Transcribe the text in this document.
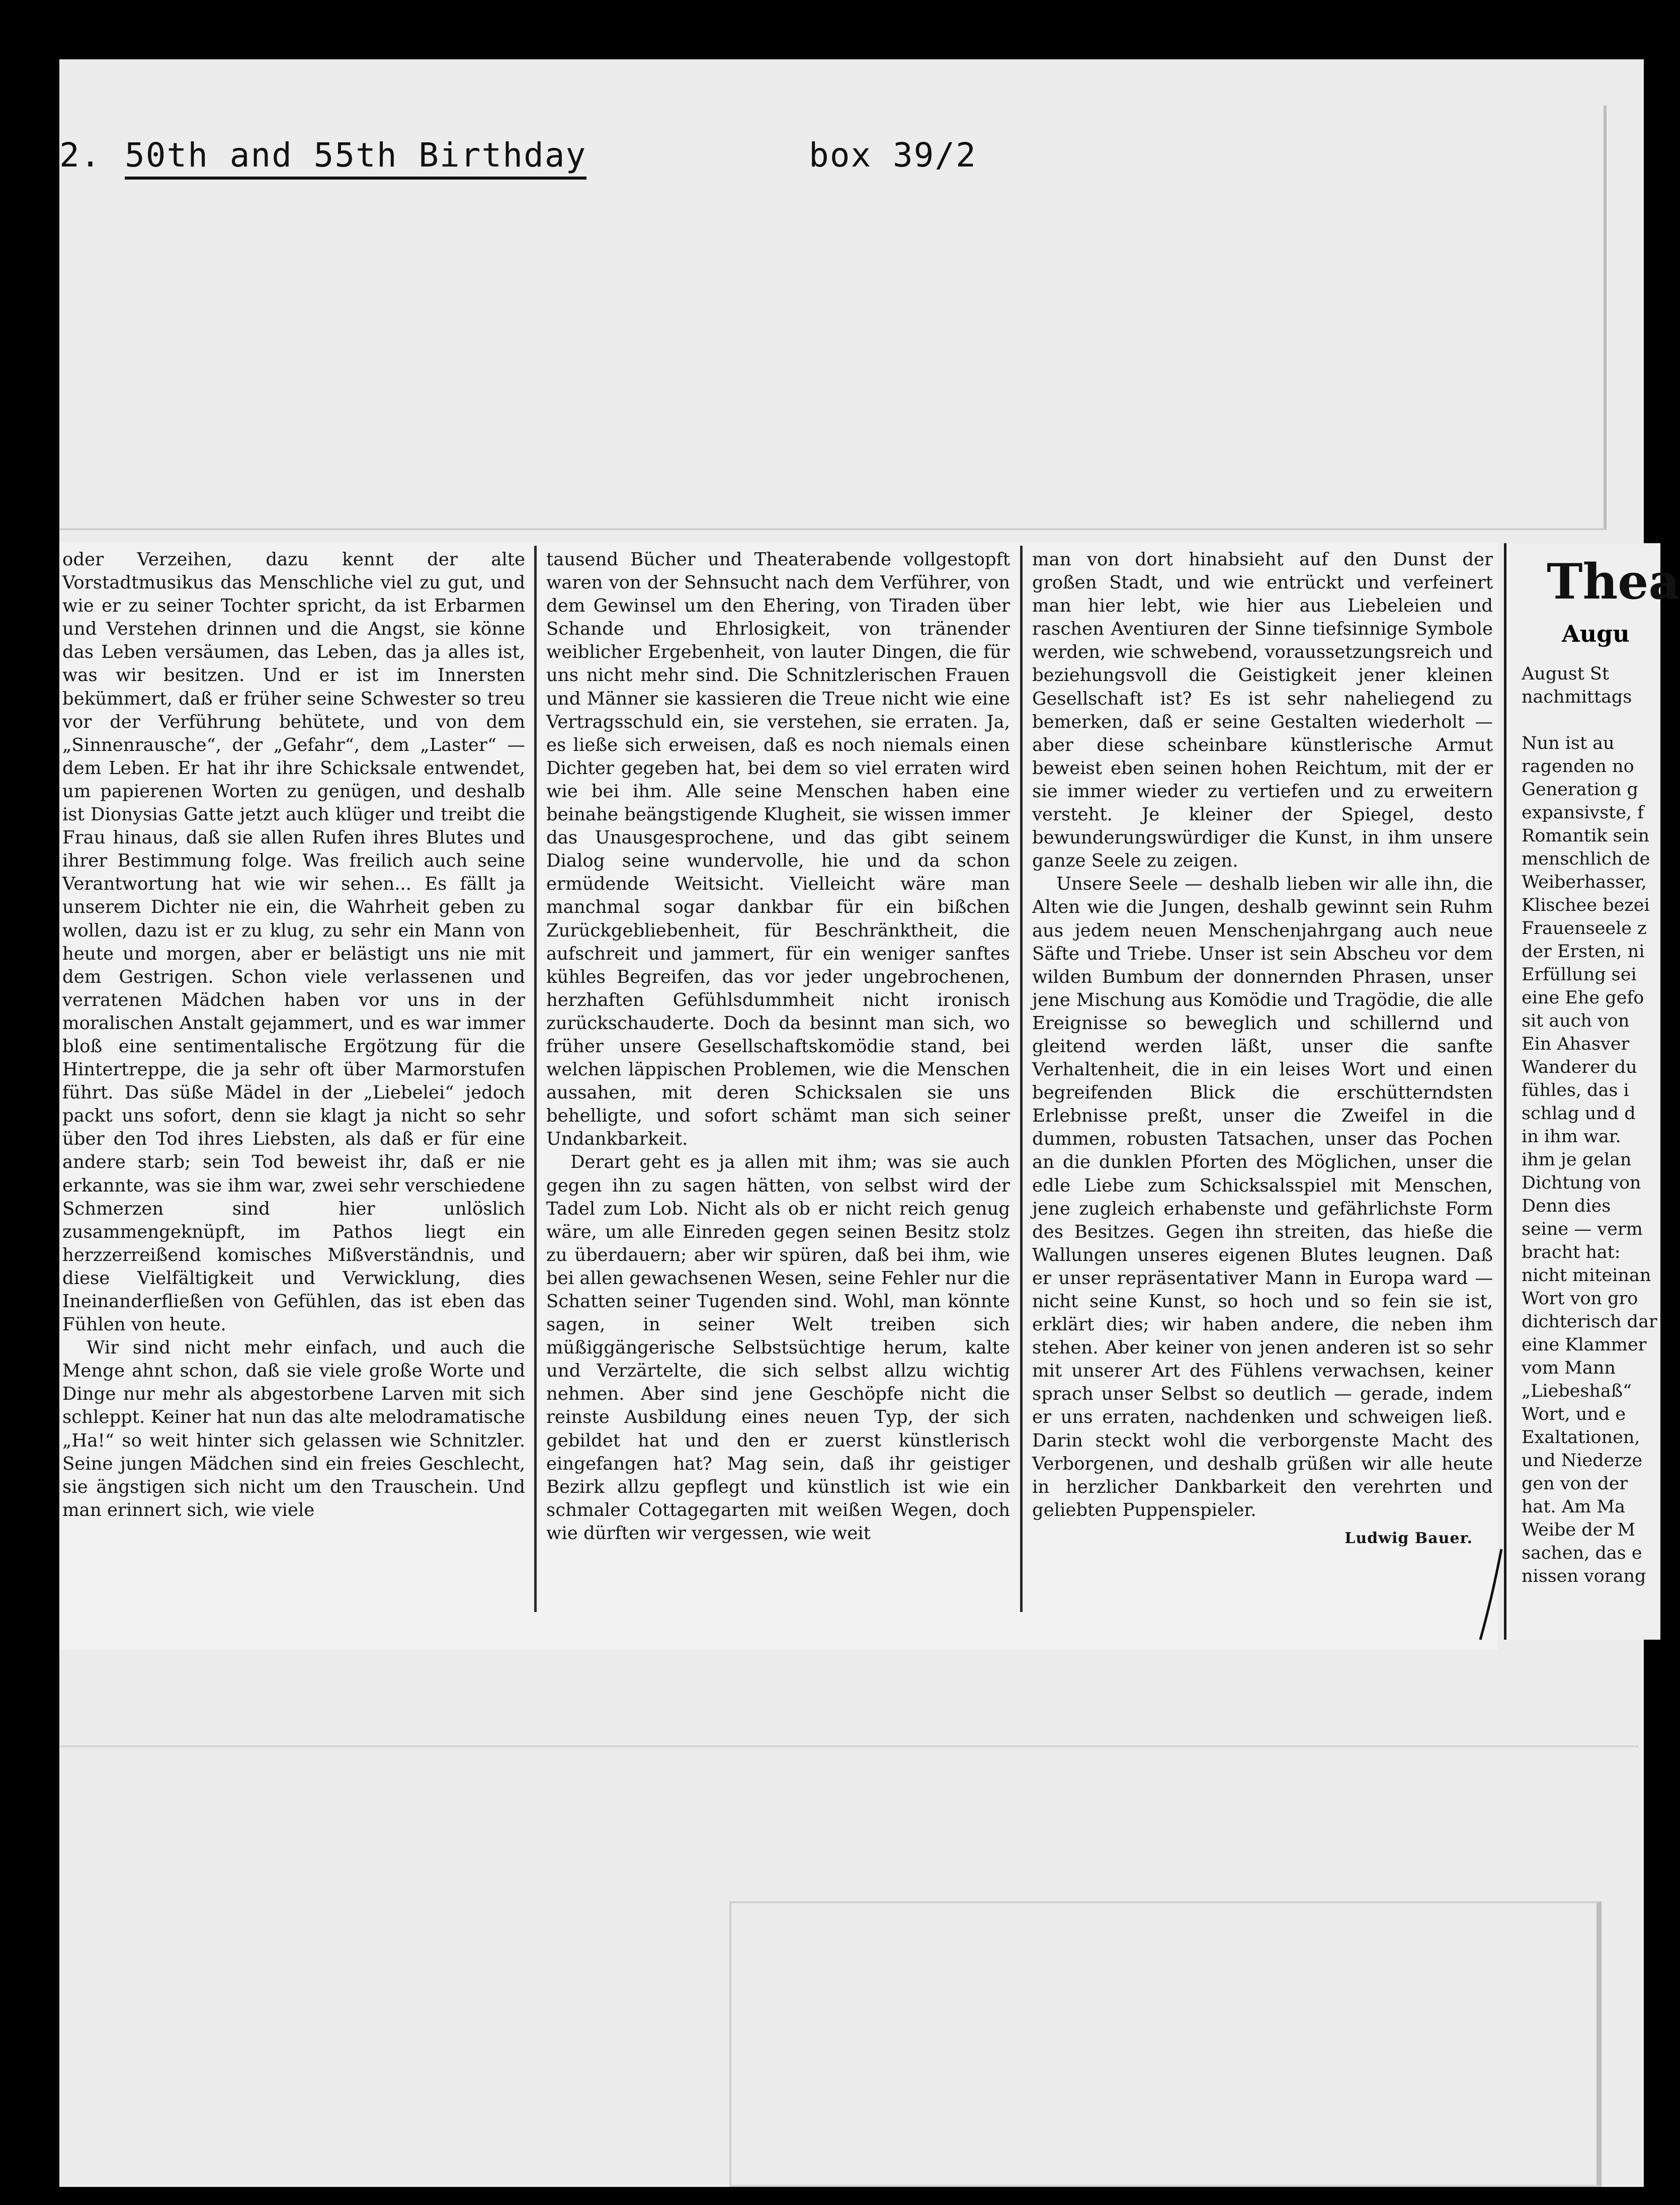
2. 50th and 55th Birthday	box 39/2

oder Verzeihen, dazu kennt der alte Vorstadtmusikus das Menschliche viel zu gut, und wie er zu seiner Tochter spricht, da ist Erbarmen und Verstehen drinnen und die Angst, sie könne das Leben versäumen, das Leben, das ja alles ist, was wir besitzen. Und er ist im Innersten bekümmert, daß er früher seine Schwester so treu vor der Verführung behütete, und von dem „Sinnenrausche“, der „Gefahr“, dem „Laster“ — dem Leben. Er hat ihr ihre Schicksale entwendet, um papierenen Worten zu genügen, und deshalb ist Dionysias Gatte jetzt auch klüger und treibt die Frau hinaus, daß sie allen Rufen ihres Blutes und ihrer Bestimmung folge. Was freilich auch seine Verantwortung hat wie wir sehen... Es fällt ja unserem Dichter nie ein, die Wahrheit geben zu wollen, dazu ist er zu klug, zu sehr ein Mann von heute und morgen, aber er belästigt uns nie mit dem Gestrigen. Schon viele verlassenen und verratenen Mädchen haben vor uns in der moralischen Anstalt gejammert, und es war immer bloß eine sentimentalische Ergötzung für die Hintertreppe, die ja sehr oft über Marmorstufen führt. Das süße Mädel in der „Liebelei“ jedoch packt uns sofort, denn sie klagt ja nicht so sehr über den Tod ihres Liebsten, als daß er für eine andere starb; sein Tod beweist ihr, daß er nie erkannte, was sie ihm war, zwei sehr verschiedene Schmerzen sind hier unlöslich zusammengeknüpft, im Pathos liegt ein herzzerreißend komisches Mißverständnis, und diese Vielfältigkeit und Verwicklung, dies Ineinanderfließen von Gefühlen, das ist eben das Fühlen von heute.

Wir sind nicht mehr einfach, und auch die Menge ahnt schon, daß sie viele große Worte und Dinge nur mehr als abgestorbene Larven mit sich schleppt. Keiner hat nun das alte melodramatische „Ha!“ so weit hinter sich gelassen wie Schnitzler. Seine jungen Mädchen sind ein freies Geschlecht, sie ängstigen sich nicht um den Trauschein. Und man erinnert sich, wie viele

tausend Bücher und Theaterabende vollgestopft waren von der Sehnsucht nach dem Verführer, von dem Gewinsel um den Ehering, von Tiraden über Schande und Ehrlosigkeit, von tränender weiblicher Ergebenheit, von lauter Dingen, die für uns nicht mehr sind. Die Schnitzlerischen Frauen und Männer sie kassieren die Treue nicht wie eine Vertragsschuld ein, sie verstehen, sie erraten. Ja, es ließe sich erweisen, daß es noch niemals einen Dichter gegeben hat, bei dem so viel erraten wird wie bei ihm. Alle seine Menschen haben eine beinahe beängstigende Klugheit, sie wissen immer das Unausgesprochene, und das gibt seinem Dialog seine wundervolle, hie und da schon ermüdende Weitsicht. Vielleicht wäre man manchmal sogar dankbar für ein bißchen Zurückgebliebenheit, für Beschränktheit, die aufschreit und jammert, für ein weniger sanftes kühles Begreifen, das vor jeder ungebrochenen, herzhaften Gefühlsdummheit nicht ironisch zurückschauderte. Doch da besinnt man sich, wo früher unsere Gesellschaftskomödie stand, bei welchen läppischen Problemen, wie die Menschen aussahen, mit deren Schicksalen sie uns behelligte, und sofort schämt man sich seiner Undankbarkeit.

Derart geht es ja allen mit ihm; was sie auch gegen ihn zu sagen hätten, von selbst wird der Tadel zum Lob. Nicht als ob er nicht reich genug wäre, um alle Einreden gegen seinen Besitz stolz zu überdauern; aber wir spüren, daß bei ihm, wie bei allen gewachsenen Wesen, seine Fehler nur die Schatten seiner Tugenden sind. Wohl, man könnte sagen, in seiner Welt treiben sich müßiggängerische Selbstsüchtige herum, kalte und Verzärtelte, die sich selbst allzu wichtig nehmen. Aber sind jene Geschöpfe nicht die reinste Ausbildung eines neuen Typ, der sich gebildet hat und den er zuerst künstlerisch eingefangen hat? Mag sein, daß ihr geistiger Bezirk allzu gepflegt und künstlich ist wie ein schmaler Cottagegarten mit weißen Wegen, doch wie dürften wir vergessen, wie weit

man von dort hinabsieht auf den Dunst der großen Stadt, und wie entrückt und verfeinert man hier lebt, wie hier aus Liebeleien und raschen Aventiuren der Sinne tiefsinnige Symbole werden, wie schwebend, voraussetzungsreich und beziehungsvoll die Geistigkeit jener kleinen Gesellschaft ist? Es ist sehr naheliegend zu bemerken, daß er seine Gestalten wiederholt — aber diese scheinbare künstlerische Armut beweist eben seinen hohen Reichtum, mit der er sie immer wieder zu vertiefen und zu erweitern versteht. Je kleiner der Spiegel, desto bewunderungswürdiger die Kunst, in ihm unsere ganze Seele zu zeigen.

Unsere Seele — deshalb lieben wir alle ihn, die Alten wie die Jungen, deshalb gewinnt sein Ruhm aus jedem neuen Menschenjahrgang auch neue Säfte und Triebe. Unser ist sein Abscheu vor dem wilden Bumbum der donnernden Phrasen, unser jene Mischung aus Komödie und Tragödie, die alle Ereignisse so beweglich und schillernd und gleitend werden läßt, unser die sanfte Verhaltenheit, die in ein leises Wort und einen begreifenden Blick die erschütterndsten Erlebnisse preßt, unser die Zweifel in die dummen, robusten Tatsachen, unser das Pochen an die dunklen Pforten des Möglichen, unser die edle Liebe zum Schicksalsspiel mit Menschen, jene zugleich erhabenste und gefährlichste Form des Besitzes. Gegen ihn streiten, das hieße die Wallungen unseres eigenen Blutes leugnen. Daß er unser repräsentativer Mann in Europa ward — nicht seine Kunst, so hoch und so fein sie ist, erklärt dies; wir haben andere, die neben ihm stehen. Aber keiner von jenen anderen ist so sehr mit unserer Art des Fühlens verwachsen, keiner sprach unser Selbst so deutlich — gerade, indem er uns erraten, nachdenken und schweigen ließ. Darin steckt wohl die verborgenste Macht des Verborgenen, und deshalb grüßen wir alle heute in herzlicher Dankbarkeit den verehrten und geliebten Puppenspieler.

Ludwig Bauer.
Thea
Augu
August St
nachmittags

Nun ist au
ragenden no
Generation g
expansivste, f
Romantik sein
menschlich de
Weiberhasser,
Klischee bezei
Frauenseele z
der Ersten, ni
Erfüllung sei
eine Ehe gefo
sit auch von
Ein Ahasver
Wanderer du
fühles, das i
schlag und d
in ihm war.
ihm je gelan
Dichtung von
Denn dies
seine — verm
bracht hat:
nicht miteinan
Wort von gro
dichterisch dar
eine Klammer
vom Mann
„Liebeshaß“
Wort, und e
Exaltationen,
und Niederze
gen von der
hat. Am Ma
Weibe der M
sachen, das e
nissen vorang
